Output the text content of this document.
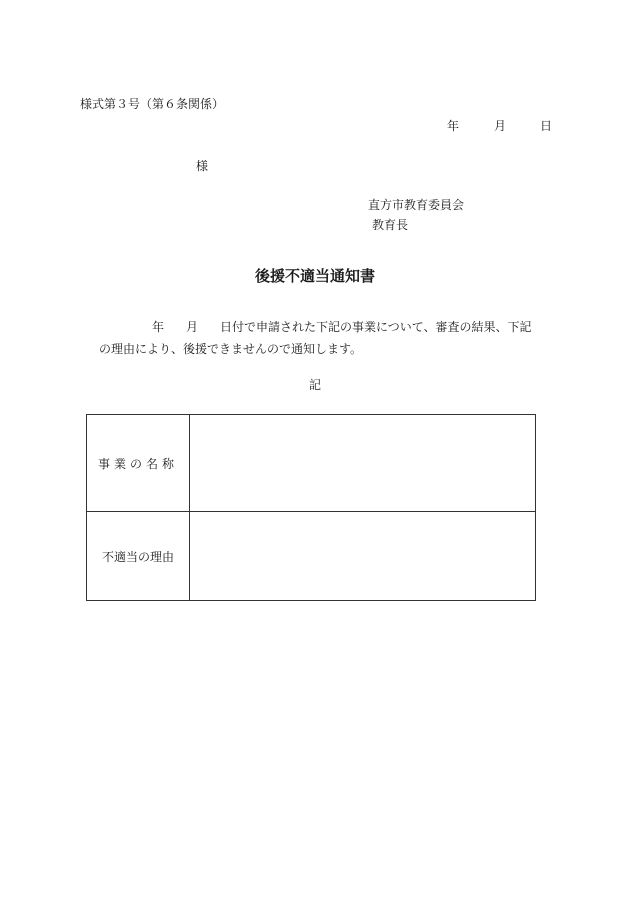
様式第３号（第６条関係）
年	月	日
様
直方市教育委員会
教育長
後援不適当通知書
年 月 日付で申請された下記の事業について、審査の結果、下記
の理由により、後援できませんので通知します。
記
事業の名称	
不適当の理由	
